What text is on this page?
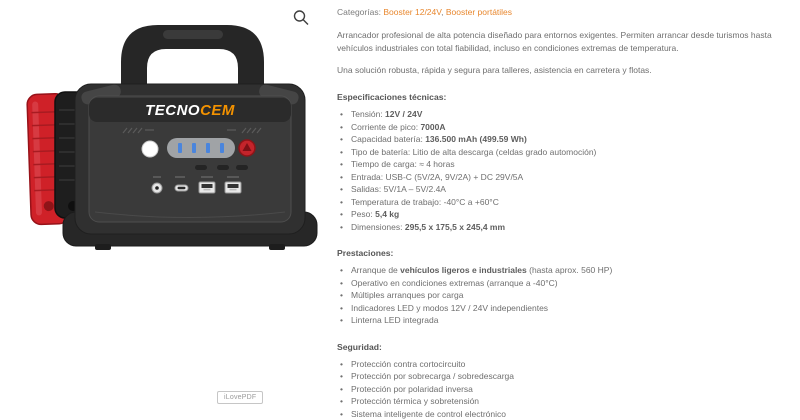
TECNOCEM
iLovePDF
Categorías: Booster 12/24V, Booster portátiles

Arrancador profesional de alta potencia diseñado para entornos exigentes. Permiten arrancar desde turismos hasta vehículos industriales con total fiabilidad, incluso en condiciones extremas de temperatura.

Una solución robusta, rápida y segura para talleres, asistencia en carretera y flotas.

Especificaciones técnicas:
• Tensión: 12V / 24V
• Corriente de pico: 7000A
• Capacidad batería: 136.500 mAh (499.59 Wh)
• Tipo de batería: Litio de alta descarga (celdas grado automoción)
• Tiempo de carga: ≈ 4 horas
• Entrada: USB-C (5V/2A, 9V/2A) + DC 29V/5A
• Salidas: 5V/1A – 5V/2.4A
• Temperatura de trabajo: -40°C a +60°C
• Peso: 5,4 kg
• Dimensiones: 295,5 x 175,5 x 245,4 mm
Prestaciones:
• Arranque de vehículos ligeros e industriales (hasta aprox. 560 HP)
• Operativo en condiciones extremas (arranque a -40°C)
• Múltiples arranques por carga
• Indicadores LED y modos 12V / 24V independientes
• Linterna LED integrada
Seguridad:
• Protección contra cortocircuito
• Protección por sobrecarga / sobredescarga
• Protección por polaridad inversa
• Protección térmica y sobretensión
• Sistema inteligente de control electrónico
